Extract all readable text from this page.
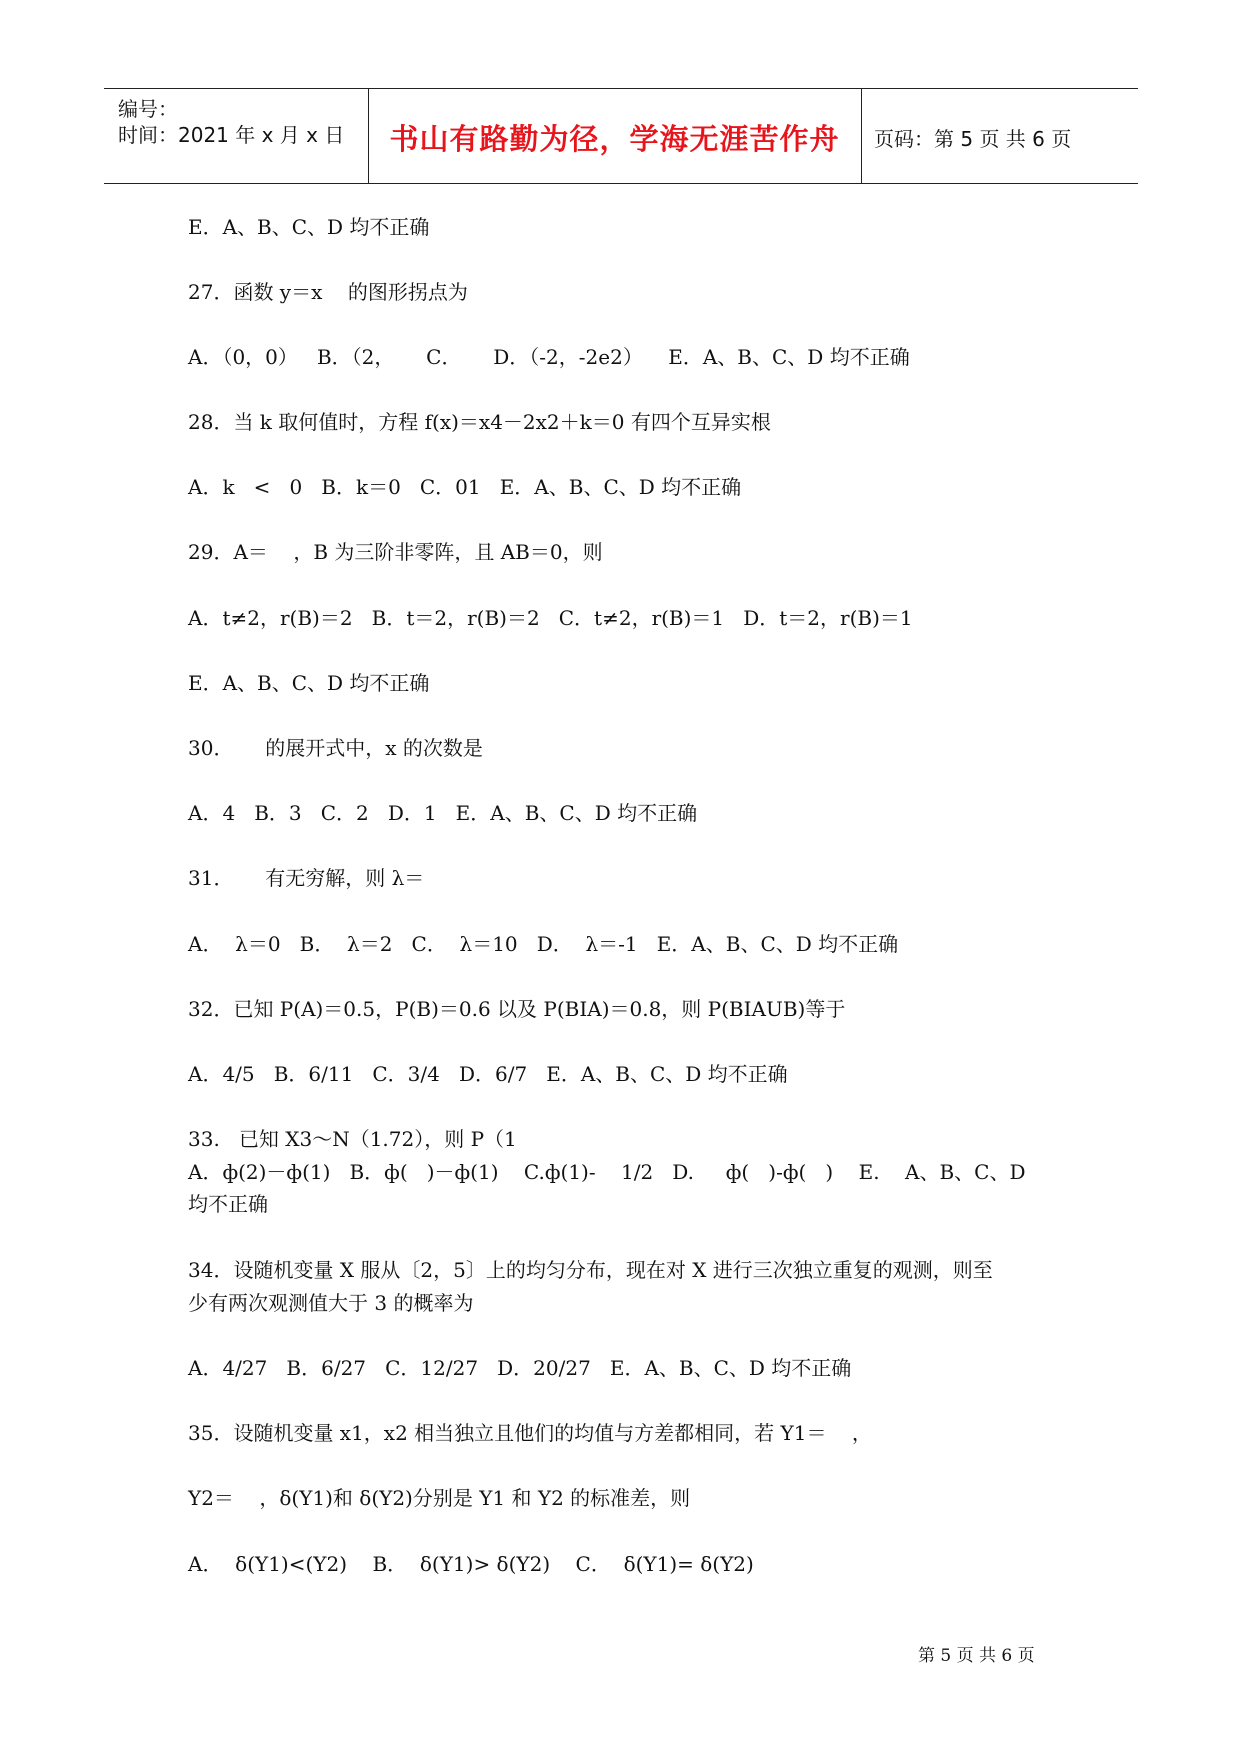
编号：
时间：2021 年 x 月 x 日	书山有路勤为径，学海无涯苦作舟	页码：第 5 页 共 6 页
E．A、B、C、D 均不正确
27．函数 y＝x    的图形拐点为
A．（0，0）   B．（2，     C．     D．（-2，-2e2）    E．A、B、C、D 均不正确
28．当 k 取何值时，方程 f(x)＝x4－2x2＋k＝0 有四个互异实根
A．k   <   0   B．k＝0   C．01   E．A、B、C、D 均不正确
29．A＝    ，B 为三阶非零阵，且 AB＝0，则
A．t≠2，r(B)＝2   B．t＝2，r(B)＝2   C．t≠2，r(B)＝1   D．t＝2，r(B)＝1
E．A、B、C、D 均不正确
30．     的展开式中，x 的次数是
A．4   B．3   C．2   D．1   E．A、B、C、D 均不正确
31．     有无穷解，则 λ＝
A．  λ＝0   B．  λ＝2   C．  λ＝10   D．  λ＝-1   E．A、B、C、D 均不正确
32．已知 P(A)＝0.5，P(B)＝0.6 以及 P(BIA)＝0.8，则 P(BIAUB)等于
A．4/5   B．6/11   C．3/4   D．6/7   E．A、B、C、D 均不正确
33.   已知 X3～N（1.72），则 P（1
A．ф(2)－ф(1)   B．ф(   )－ф(1)    C.ф(1)-    1/2   D.     ф(   )-ф(   )    E.    A、B、C、D
均不正确
34．设随机变量 X 服从〔2，5〕上的均匀分布，现在对 X 进行三次独立重复的观测，则至
少有两次观测值大于 3 的概率为
A．4/27   B．6/27   C．12/27   D．20/27   E．A、B、C、D 均不正确
35．设随机变量 x1，x2 相当独立且他们的均值与方差都相同，若 Y1＝    ，
Y2＝    ，δ(Y1)和 δ(Y2)分别是 Y1 和 Y2 的标准差，则
A．  δ(Y1)<(Y2)    B．  δ(Y1)> δ(Y2)    C．  δ(Y1)= δ(Y2)
第 5 页 共 6 页
